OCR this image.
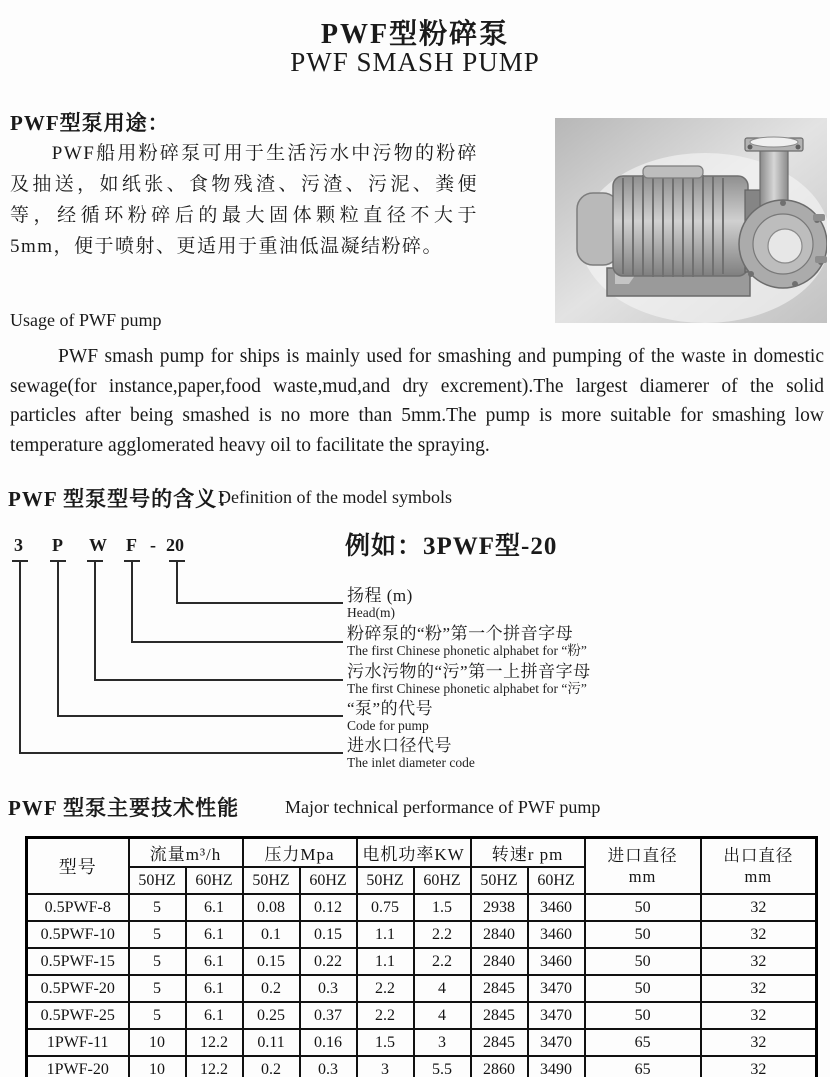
PWF型粉碎泵
PWF SMASH PUMP
PWF型泵用途：
PWF船用粉碎泵可用于生活污水中污物的粉碎及抽送，如纸张、食物残渣、污渣、污泥、粪便等，经循环粉碎后的最大固体颗粒直径不大于5mm，便于喷射、更适用于重油低温凝结粉碎。
Usage of PWF pump
PWF smash pump for ships is mainly used for smashing and pumping of the waste in domestic sewage(for instance,paper,food waste,mud,and dry excrement).The largest diamerer of the solid particles after being smashed is no more than 5mm.The pump is more suitable for smashing low temperature agglomerated heavy oil to facilitate the spraying.
PWF 型泵型号的含义：
Definition of the model symbols
3 P W F - 20	例如：3PWF型-20
扬程 (m)
Head(m)
粉碎泵的“粉”第一个拼音字母
The first Chinese phonetic alphabet for “粉”
污水污物的“污”第一上拼音字母
The first Chinese phonetic alphabet for “污”
“泵”的代号
Code for pump
进水口径代号
The inlet diameter code
PWF 型泵主要技术性能	Major technical performance of PWF pump
型号	流量m³/h		压力Mpa		电机功率KW		转速r pm		进口直径
mm	出口直径
mm
	50HZ	60HZ	50HZ	60HZ	50HZ	60HZ	50HZ	60HZ		
0.5PWF-8	5	6.1	0.08	0.12	0.75	1.5	2938	3460	50	32
0.5PWF-10	5	6.1	0.1	0.15	1.1	2.2	2840	3460	50	32
0.5PWF-15	5	6.1	0.15	0.22	1.1	2.2	2840	3460	50	32
0.5PWF-20	5	6.1	0.2	0.3	2.2	4	2845	3470	50	32
0.5PWF-25	5	6.1	0.25	0.37	2.2	4	2845	3470	50	32
1PWF-11	10	12.2	0.11	0.16	1.5	3	2845	3470	65	32
1PWF-20	10	12.2	0.2	0.3	3	5.5	2860	3490	65	32
